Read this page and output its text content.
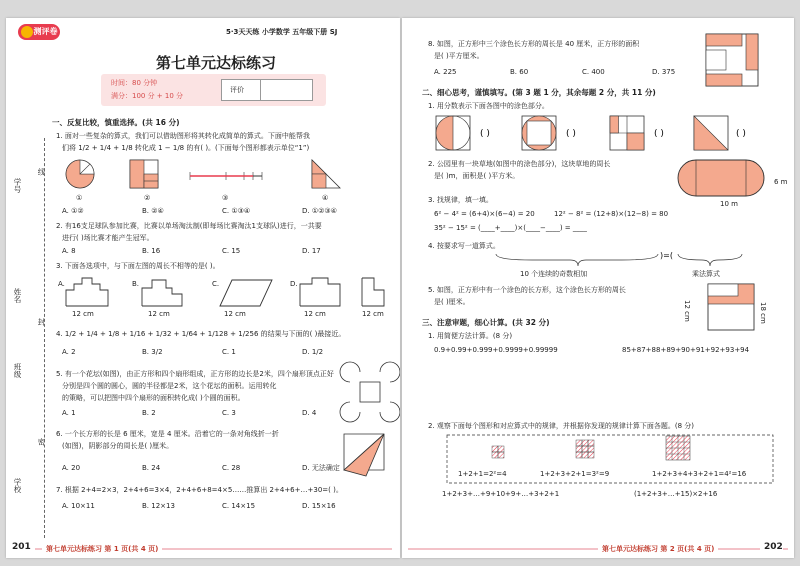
测评卷	5·3天天练 小学数学 五年级下册 SJ
第七单元达标练习
时间：80 分钟
满分：100 分 + 10 分
评价
学号
姓名
班级
学校
线
封
密
一、反复比较，慎重选择。(共 16 分)
1. 面对一些复杂的算式，我们可以借助图形将其转化成简单的算式。下面中能帮我
们将 1/2 + 1/4 + 1/8 转化成 1 − 1/8 的有( )。(下面每个图形都表示单位“1”)
①	②	③	④
A. ①②	B. ②④	C. ①③④	D. ①②③④
2. 有16支足球队参加比赛，比赛以单场淘汰制(即每场比赛淘汰1支球队)进行，一共要
进行( )场比赛才能产生冠军。
A. 8	B. 16	C. 15	D. 17
3. 下面各选项中，与下面左图的周长不相等的是( )。
12 cm	12 cm	12 cm	12 cm	12 cm
A.	B.	C.	D.
4. 1/2 + 1/4 + 1/8 + 1/16 + 1/32 + 1/64 + 1/128 + 1/256 的结果与下面的( )最接近。
A. 2	B. 3/2	C. 1	D. 1/2
5. 有一个花坛(如图)，由正方形和四个扇形组成，正方形的边长是2米，四个扇形顶点正好
分别是四个圆的圆心，圆的半径都是2米，这个花坛的面积。运用转化
的策略，可以把图中四个扇形的面积转化成( )个圆的面积。
A. 1	B. 2	C. 3	D. 4
6. 一个长方形的长是 6 厘米，宽是 4 厘米。沿着它的一条对角线折一折
(如图)，阴影部分的周长是( )厘米。
A. 20	B. 24	C. 28	D. 无法确定
7. 根据 2+4=2×3，2+4+6=3×4，2+4+6+8=4×5……推算出 2+4+6+…+30=( )。
A. 10×11	B. 12×13	C. 14×15	D. 15×16
201	第七单元达标练习 第 1 页(共 4 页)
8. 如图，正方形中三个涂色长方形的周长是 40 厘米，正方形的面积
是( )平方厘米。
A. 225	B. 60	C. 400	D. 375
二、细心思考，谨慎填写。(第 3 题 1 分，其余每题 2 分，共 11 分)
1. 用分数表示下面各图中的涂色部分。
( )	( )	( )	( )
2. 公园里有一块草地(如图中的涂色部分)，这块草地的周长
是( )m，面积是( )平方米。
10 m
6 m
3. 找规律，填一填。
6² − 4² = (6+4)×(6−4) = 20	12² − 8² = (12+8)×(12−8) = 80
35² − 15² = (____+____)×(____−____) = ____
4. 按要求写一道算式。
)=(
10 个连续的奇数相加	乘法算式
5. 如图，正方形中有一个涂色的长方形，这个涂色长方形的周长
是( )厘米。	12 cm	18 cm
三、注意审题，细心计算。(共 32 分)
1. 用简便方法计算。(8 分)
0.9+0.99+0.999+0.9999+0.99999	85+87+88+89+90+91+92+93+94
2. 观察下面每个图形和对应算式中的规律，并根据你发现的规律计算下面各题。(8 分)
1+2+1=2²=4	1+2+3+2+1=3²=9	1+2+3+4+3+2+1=4²=16
1+2+3+…+9+10+9+…+3+2+1	(1+2+3+…+15)×2+16
第七单元达标练习 第 2 页(共 4 页)	202
